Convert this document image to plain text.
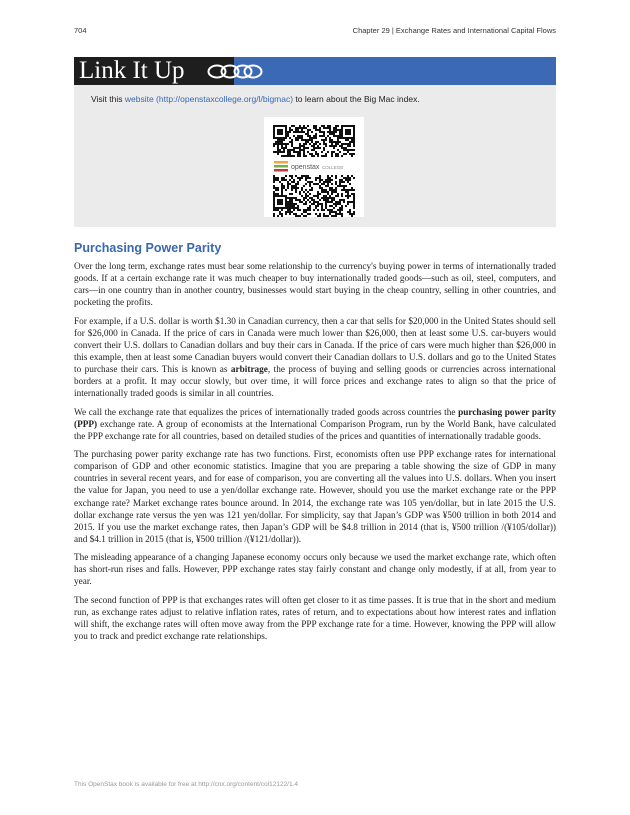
704	Chapter 29 | Exchange Rates and International Capital Flows
Link It Up
Visit this website (http://openstaxcollege.org/l/bigmac) to learn about the Big Mac index.
openstax COLLEGE
Purchasing Power Parity

Over the long term, exchange rates must bear some relationship to the currency's buying power in terms of internationally traded goods. If at a certain exchange rate it was much cheaper to buy internationally traded goods—such as oil, steel, computers, and cars—in one country than in another country, businesses would start buying in the cheap country, selling in other countries, and pocketing the profits.

For example, if a U.S. dollar is worth $1.30 in Canadian currency, then a car that sells for $20,000 in the United States should sell for $26,000 in Canada. If the price of cars in Canada were much lower than $26,000, then at least some U.S. car-buyers would convert their U.S. dollars to Canadian dollars and buy their cars in Canada. If the price of cars were much higher than $26,000 in this example, then at least some Canadian buyers would convert their Canadian dollars to U.S. dollars and go to the United States to purchase their cars. This is known as arbitrage, the process of buying and selling goods or currencies across international borders at a profit. It may occur slowly, but over time, it will force prices and exchange rates to align so that the price of internationally traded goods is similar in all countries.

We call the exchange rate that equalizes the prices of internationally traded goods across countries the purchasing power parity (PPP) exchange rate. A group of economists at the International Comparison Program, run by the World Bank, have calculated the PPP exchange rate for all countries, based on detailed studies of the prices and quantities of internationally tradable goods.

The purchasing power parity exchange rate has two functions. First, economists often use PPP exchange rates for international comparison of GDP and other economic statistics. Imagine that you are preparing a table showing the size of GDP in many countries in several recent years, and for ease of comparison, you are converting all the values into U.S. dollars. When you insert the value for Japan, you need to use a yen/dollar exchange rate. However, should you use the market exchange rate or the PPP exchange rate? Market exchange rates bounce around. In 2014, the exchange rate was 105 yen/dollar, but in late 2015 the U.S. dollar exchange rate versus the yen was 121 yen/dollar. For simplicity, say that Japan’s GDP was ¥500 trillion in both 2014 and 2015. If you use the market exchange rates, then Japan’s GDP will be $4.8 trillion in 2014 (that is, ¥500 trillion /(¥105/dollar)) and $4.1 trillion in 2015 (that is, ¥500 trillion /(¥121/dollar)).

The misleading appearance of a changing Japanese economy occurs only because we used the market exchange rate, which often has short-run rises and falls. However, PPP exchange rates stay fairly constant and change only modestly, if at all, from year to year.

The second function of PPP is that exchanges rates will often get closer to it as time passes. It is true that in the short and medium run, as exchange rates adjust to relative inflation rates, rates of return, and to expectations about how interest rates and inflation will shift, the exchange rates will often move away from the PPP exchange rate for a time. However, knowing the PPP will allow you to track and predict exchange rate relationships.

This OpenStax book is available for free at http://cnx.org/content/col12122/1.4
